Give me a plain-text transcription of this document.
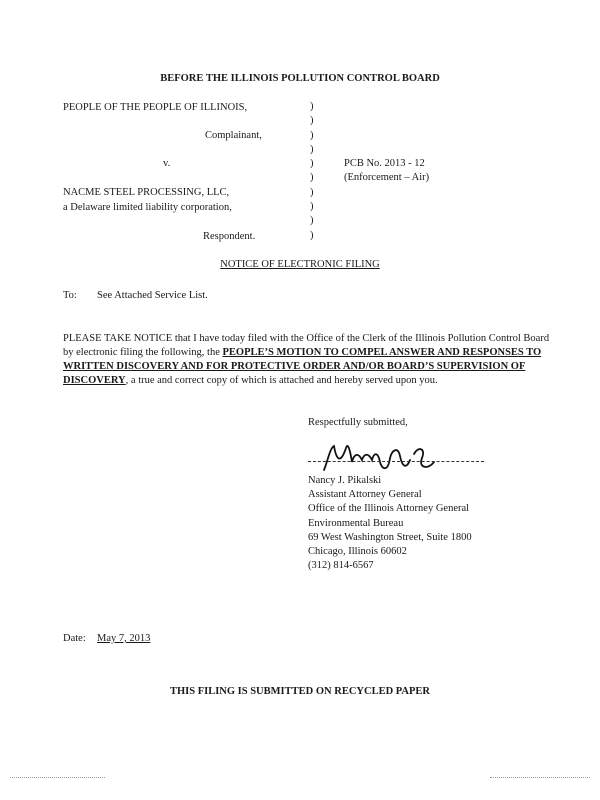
BEFORE THE ILLINOIS POLLUTION CONTROL BOARD
PEOPLE OF THE PEOPLE OF ILLINOIS,
Complainant,
v.
NACME STEEL PROCESSING, LLC,
a Delaware limited liability corporation,
Respondent.
)
)
)
)
)
)
)
)
)
)
PCB No. 2013 - 12
(Enforcement – Air)
NOTICE OF ELECTRONIC FILING
To: See Attached Service List.
PLEASE TAKE NOTICE that I have today filed with the Office of the Clerk of the Illinois Pollution Control Board by electronic filing the following, the PEOPLE’S MOTION TO COMPEL ANSWER AND RESPONSES TO WRITTEN DISCOVERY AND FOR PROTECTIVE ORDER AND/OR BOARD’S SUPERVISION OF DISCOVERY, a true and correct copy of which is attached and hereby served upon you.
Respectfully submitted,
Nancy J. Pikalski
Assistant Attorney General
Office of the Illinois Attorney General
Environmental Bureau
69 West Washington Street, Suite 1800
Chicago, Illinois 60602
(312) 814-6567
Date: May 7, 2013
THIS FILING IS SUBMITTED ON RECYCLED PAPER
